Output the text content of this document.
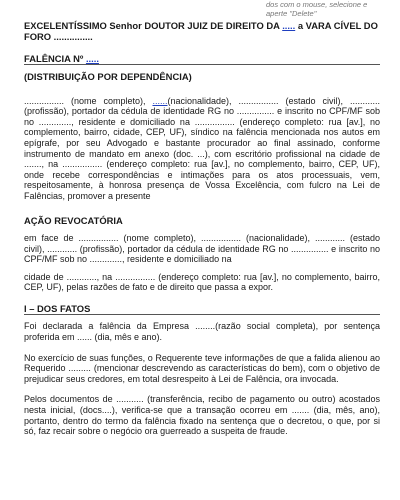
dos com o mouse, selecione e
aperte "Delete"

EXCELENTÍSSIMO Senhor DOUTOR JUIZ DE DIREITO DA ..... a VARA CÍVEL DO
FORO ...............

FALÊNCIA Nº .....

(DISTRIBUIÇÃO POR DEPENDÊNCIA)

................ (nome completo), ......(nacionalidade), ................ (estado civil), ............ (profissão), portador da cédula de identidade RG no ............... e inscrito no CPF/MF sob no ............., residente e domiciliado na ................ (endereço completo: rua [av.], no complemento, bairro, cidade, CEP, UF), síndico na falência mencionada nos autos em epígrafe, por seu Advogado e bastante procurador ao final assinado, conforme instrumento de mandato em anexo (doc. ...), com escritório profissional na cidade de ......., na ................ (endereço completo: rua [av.], no complemento, bairro, CEP, UF), onde recebe correspondências e intimações para os atos processuais, vem, respeitosamente, à honrosa presença de Vossa Excelência, com fulcro na Lei de Falências, promover a presente

AÇÃO REVOCATÓRIA

em face de ................ (nome completo), ................ (nacionalidade), ............ (estado civil), ............ (profissão), portador da cédula de identidade RG no ............... e inscrito no CPF/MF sob no ............., residente e domiciliado na

cidade de ............, na ................ (endereço completo: rua [av.], no complemento, bairro, CEP, UF), pelas razões de fato e de direito que passa a expor.

I – DOS FATOS

Foi declarada a falência da Empresa ........(razão social completa), por sentença proferida em ...... (dia, mês e ano).

No exercício de suas funções, o Requerente teve informações de que a falida alienou ao Requerido ......... (mencionar descrevendo as características do bem), com o objetivo de prejudicar seus credores, em total desrespeito à Lei de Falência, ora invocada.

Pelos documentos de ........... (transferência, recibo de pagamento ou outro) acostados nesta inicial, (docs....), verifica-se que a transação ocorreu em ....... (dia, mês, ano), portanto, dentro do termo da falência fixado na sentença que o decretou, o que, por si só, faz recair sobre o negócio ora guerreado a suspeita de fraude.
